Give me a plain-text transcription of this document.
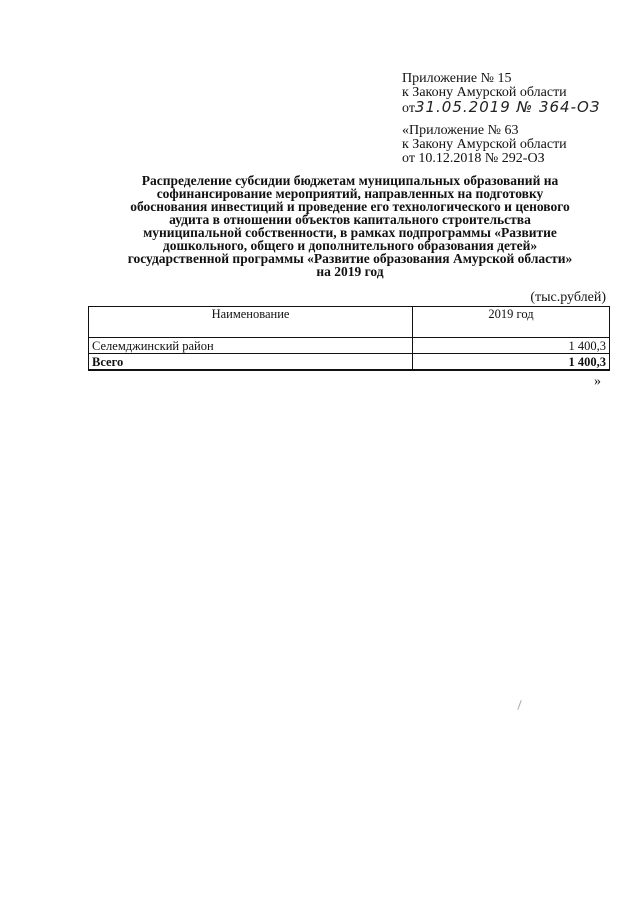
Приложение № 15
к Закону Амурской области
от31.05.2019 № 364-ОЗ
«Приложение № 63
к Закону Амурской области
от 10.12.2018 № 292-ОЗ
Распределение субсидии бюджетам муниципальных образований на
софинансирование мероприятий, направленных на подготовку
обоснования инвестиций и проведение его технологического и ценового
аудита в отношении объектов капитального строительства
муниципальной собственности, в рамках подпрограммы «Развитие
дошкольного, общего и дополнительного образования детей»
государственной программы «Развитие образования Амурской области»
на 2019 год
(тыс.рублей)
Наименование	2019 год
Селемджинский район	1 400,3
Всего	1 400,3
»
